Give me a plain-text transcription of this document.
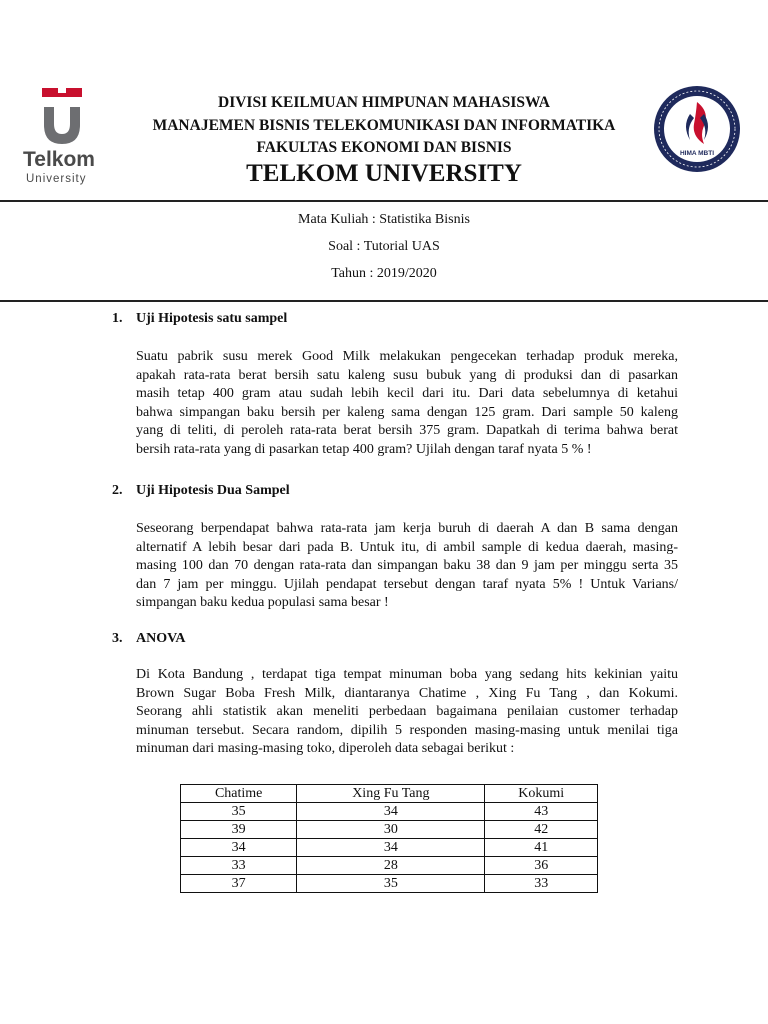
Telkom
University
HIMA MBTI
DIVISI KEILMUAN HIMPUNAN MAHASISWA
MANAJEMEN BISNIS TELEKOMUNIKASI DAN INFORMATIKA
FAKULTAS EKONOMI DAN BISNIS
TELKOM UNIVERSITY
Mata Kuliah : Statistika Bisnis
Soal : Tutorial UAS
Tahun : 2019/2020
1. Uji Hipotesis satu sampel
Suatu pabrik susu merek Good Milk melakukan pengecekan terhadap produk mereka,
apakah rata-rata berat bersih satu kaleng susu bubuk yang di produksi dan di pasarkan
masih tetap 400 gram atau sudah lebih kecil dari itu. Dari data sebelumnya di ketahui
bahwa simpangan baku bersih per kaleng sama dengan 125 gram. Dari sample 50 kaleng
yang di teliti, di peroleh rata-rata berat bersih 375 gram. Dapatkah di terima bahwa berat
bersih rata-rata yang di pasarkan tetap 400 gram? Ujilah dengan taraf nyata 5 % !
2. Uji Hipotesis Dua Sampel
Seseorang berpendapat bahwa rata-rata jam kerja buruh di daerah A dan B sama dengan
alternatif A lebih besar dari pada B. Untuk itu, di ambil sample di kedua daerah, masing-
masing 100 dan 70 dengan rata-rata dan simpangan baku 38 dan 9 jam per minggu serta 35
dan 7 jam per minggu. Ujilah pendapat tersebut dengan taraf nyata 5% ! Untuk Varians/
simpangan baku kedua populasi sama besar !
3. ANOVA
Di Kota Bandung , terdapat tiga tempat minuman boba yang sedang hits kekinian yaitu
Brown Sugar Boba Fresh Milk, diantaranya Chatime , Xing Fu Tang , dan Kokumi.
Seorang ahli statistik akan meneliti perbedaan bagaimana penilaian customer terhadap
minuman tersebut. Secara random, dipilih 5 responden masing-masing untuk menilai tiga
minuman dari masing-masing toko, diperoleh data sebagai berikut :
Chatime	Xing Fu Tang	Kokumi
35	34	43
39	30	42
34	34	41
33	28	36
37	35	33
